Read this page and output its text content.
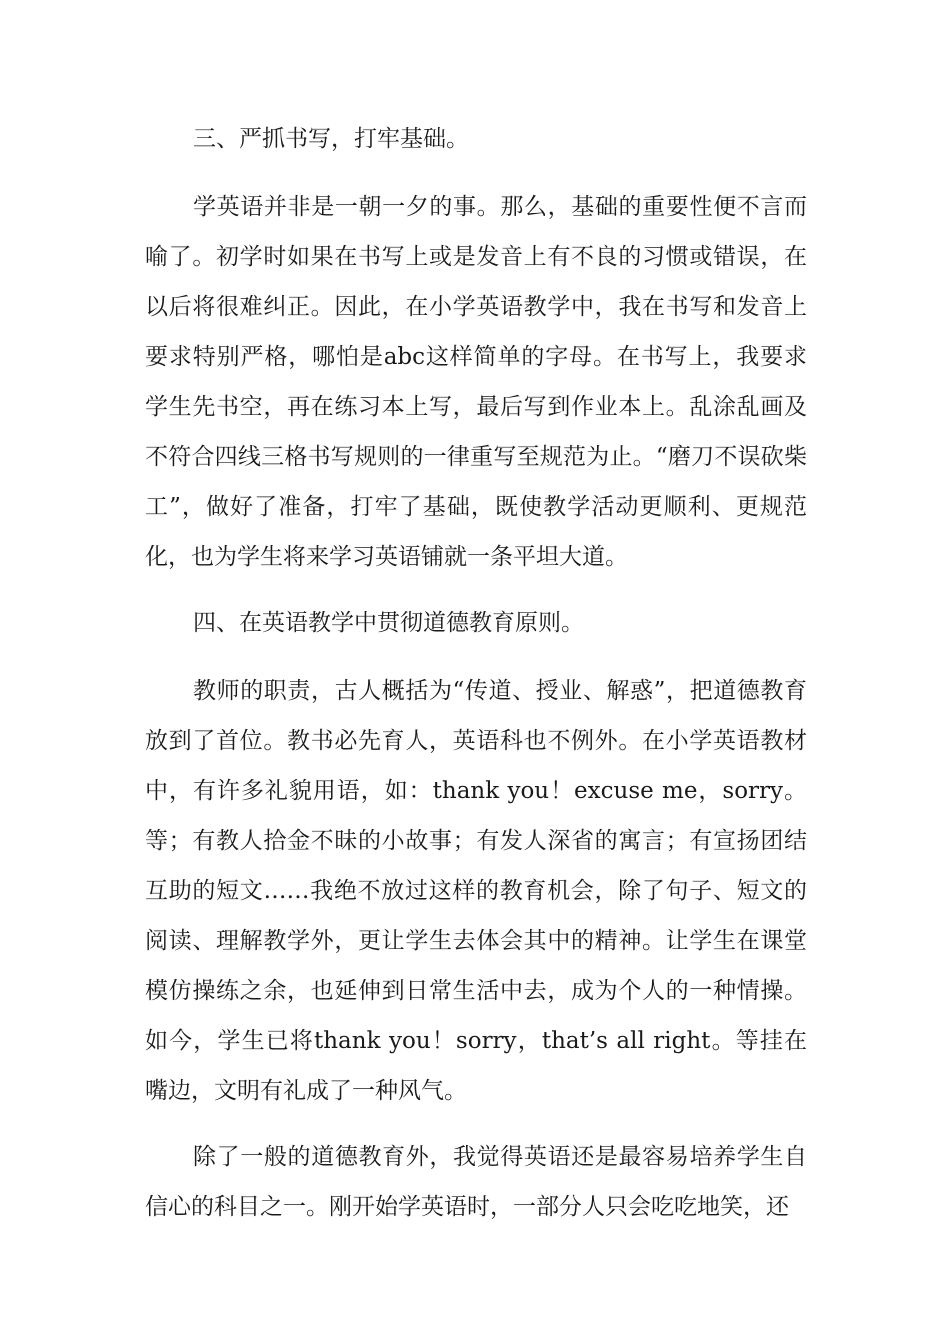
三、严抓书写，打牢基础。

学英语并非是一朝一夕的事。那么，基础的重要性便不言而喻了。初学时如果在书写上或是发音上有不良的习惯或错误，在以后将很难纠正。因此，在小学英语教学中，我在书写和发音上要求特别严格，哪怕是abc这样简单的字母。在书写上，我要求学生先书空，再在练习本上写，最后写到作业本上。乱涂乱画及不符合四线三格书写规则的一律重写至规范为止。“磨刀不误砍柴工”，做好了准备，打牢了基础，既使教学活动更顺利、更规范化，也为学生将来学习英语铺就一条平坦大道。

四、在英语教学中贯彻道德教育原则。

教师的职责，古人概括为“传道、授业、解惑”，把道德教育放到了首位。教书必先育人，英语科也不例外。在小学英语教材中，有许多礼貌用语，如：thank you！excuse me，sorry。等；有教人拾金不昧的小故事；有发人深省的寓言；有宣扬团结互助的短文……我绝不放过这样的教育机会，除了句子、短文的阅读、理解教学外，更让学生去体会其中的精神。让学生在课堂模仿操练之余，也延伸到日常生活中去，成为个人的一种情操。如今，学生已将thank you！sorry，that’s all right。等挂在嘴边，文明有礼成了一种风气。

除了一般的道德教育外，我觉得英语还是最容易培养学生自信心的科目之一。刚开始学英语时，一部分人只会吃吃地笑，还
